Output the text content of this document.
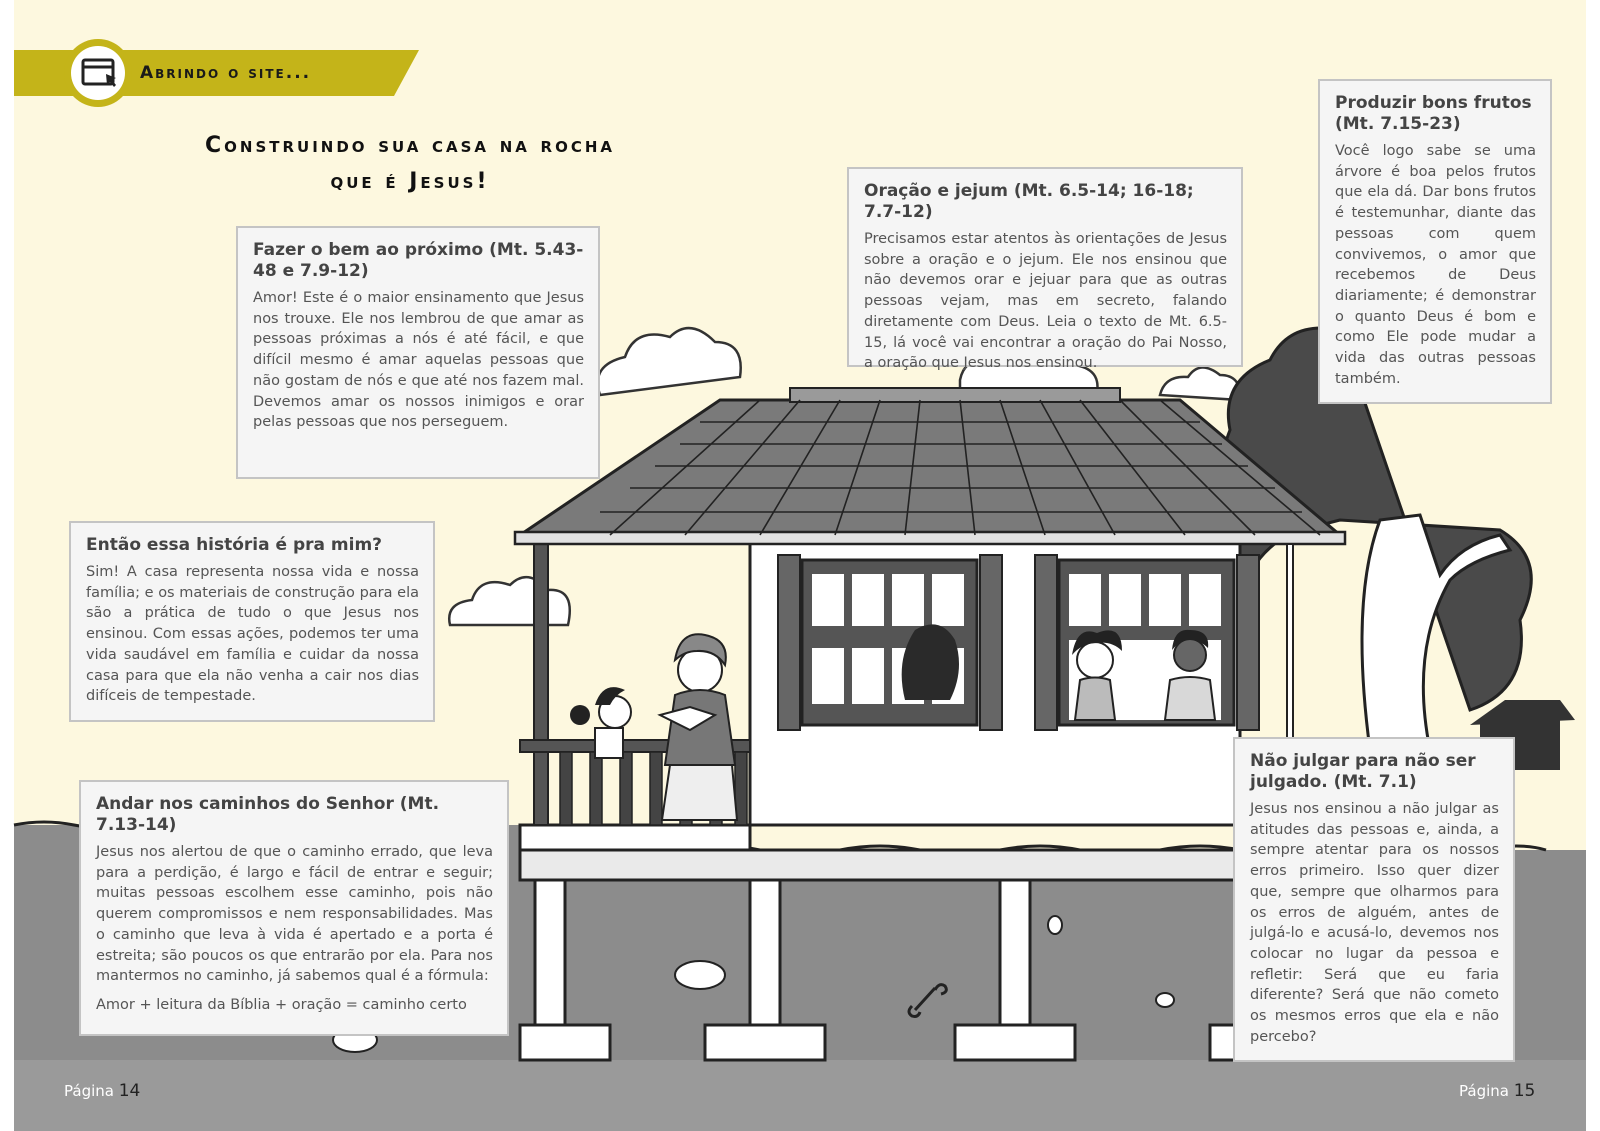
Abrindo o site...
Construindo sua casa na rocha
que é Jesus!
Fazer o bem ao próximo (Mt. 5.43-48 e 7.9-12)

Amor! Este é o maior ensinamento que Jesus nos trouxe. Ele nos lembrou de que amar as pessoas próximas a nós é até fácil, e que difícil mesmo é amar aquelas pessoas que não gostam de nós e que até nos fazem mal. Devemos amar os nossos inimigos e orar pelas pessoas que nos perseguem.

Oração e jejum (Mt. 6.5-14; 16-18; 7.7-12)

Precisamos estar atentos às orientações de Jesus sobre a oração e o jejum. Ele nos ensinou que não devemos orar e jejuar para que as outras pessoas vejam, mas em secreto, falando diretamente com Deus. Leia o texto de Mt. 6.5-15, lá você vai encontrar a oração do Pai Nosso, a oração que Jesus nos ensinou.

Produzir bons frutos (Mt. 7.15-23)

Você logo sabe se uma árvore é boa pelos frutos que ela dá. Dar bons frutos é testemunhar, diante das pessoas com quem convivemos, o amor que recebemos de Deus diariamente; é demonstrar o quanto Deus é bom e como Ele pode mudar a vida das outras pessoas também.

Então essa história é pra mim?

Sim! A casa representa nossa vida e nossa família; e os materiais de construção para ela são a prática de tudo o que Jesus nos ensinou. Com essas ações, podemos ter uma vida saudável em família e cuidar da nossa casa para que ela não venha a cair nos dias difíceis de tempestade.

Andar nos caminhos do Senhor (Mt. 7.13-14)

Jesus nos alertou de que o caminho errado, que leva para a perdição, é largo e fácil de entrar e seguir; muitas pessoas escolhem esse caminho, pois não querem compromissos e nem responsabilidades. Mas o caminho que leva à vida é apertado e a porta é estreita; são poucos os que entrarão por ela. Para nos mantermos no caminho, já sabemos qual é a fórmula:

Amor + leitura da Bíblia + oração = caminho certo

Não julgar para não ser julgado. (Mt. 7.1)

Jesus nos ensinou a não julgar as atitudes das pessoas e, ainda, a sempre atentar para os nossos erros primeiro. Isso quer dizer que, sempre que olharmos para os erros de alguém, antes de julgá-lo e acusá-lo, devemos nos colocar no lugar da pessoa e refletir: Será que eu faria diferente? Será que não cometo os mesmos erros que ela e não percebo?

Página 14	Página 15
